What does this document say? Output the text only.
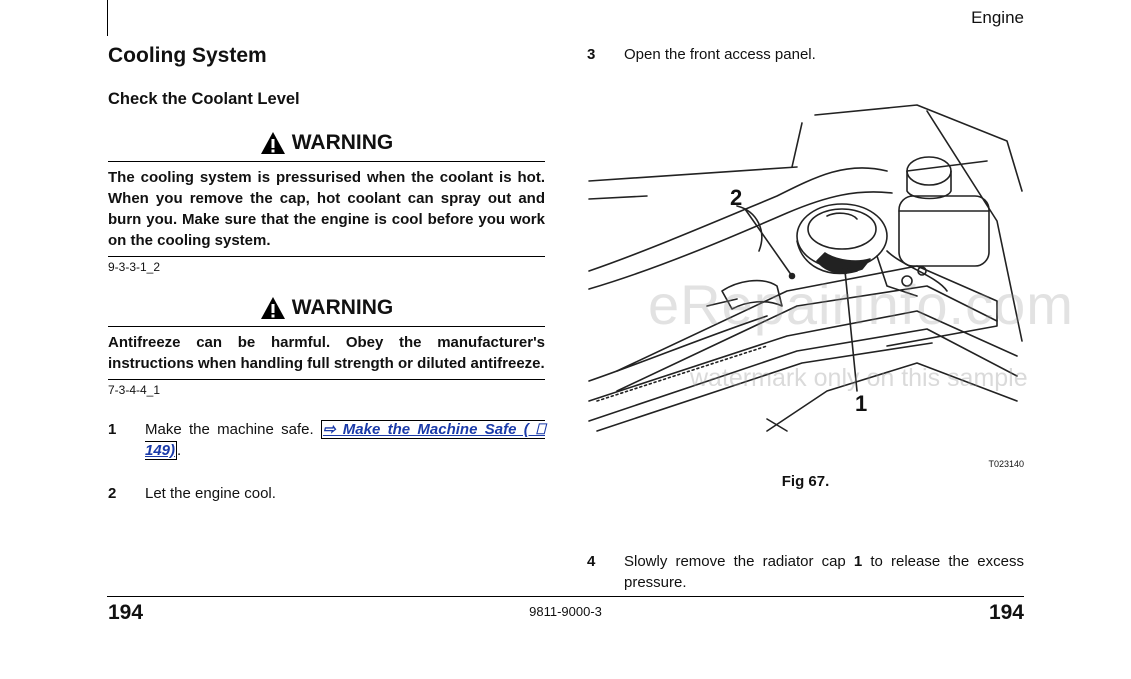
Engine
Cooling System
Check the Coolant Level
WARNING
The cooling system is pressurised when the coolant is hot. When you remove the cap, hot coolant can spray out and burn you. Make sure that the engine is cool before you work on the cooling system.
9-3-3-1_2
WARNING
Antifreeze can be harmful. Obey the manufacturer's instructions when handling full strength or diluted antifreeze.
7-3-4-4_1
1	Make the machine safe. ⇨ Make the Machine Safe ( ⎕ 149) .
2	Let the engine cool.
3	Open the front access panel.
2
1
T023140
Fig 67.
4	Slowly remove the radiator cap 1 to release the excess pressure.
eRepairInfo.com
watermark only on this sample
194	9811-9000-3	194
